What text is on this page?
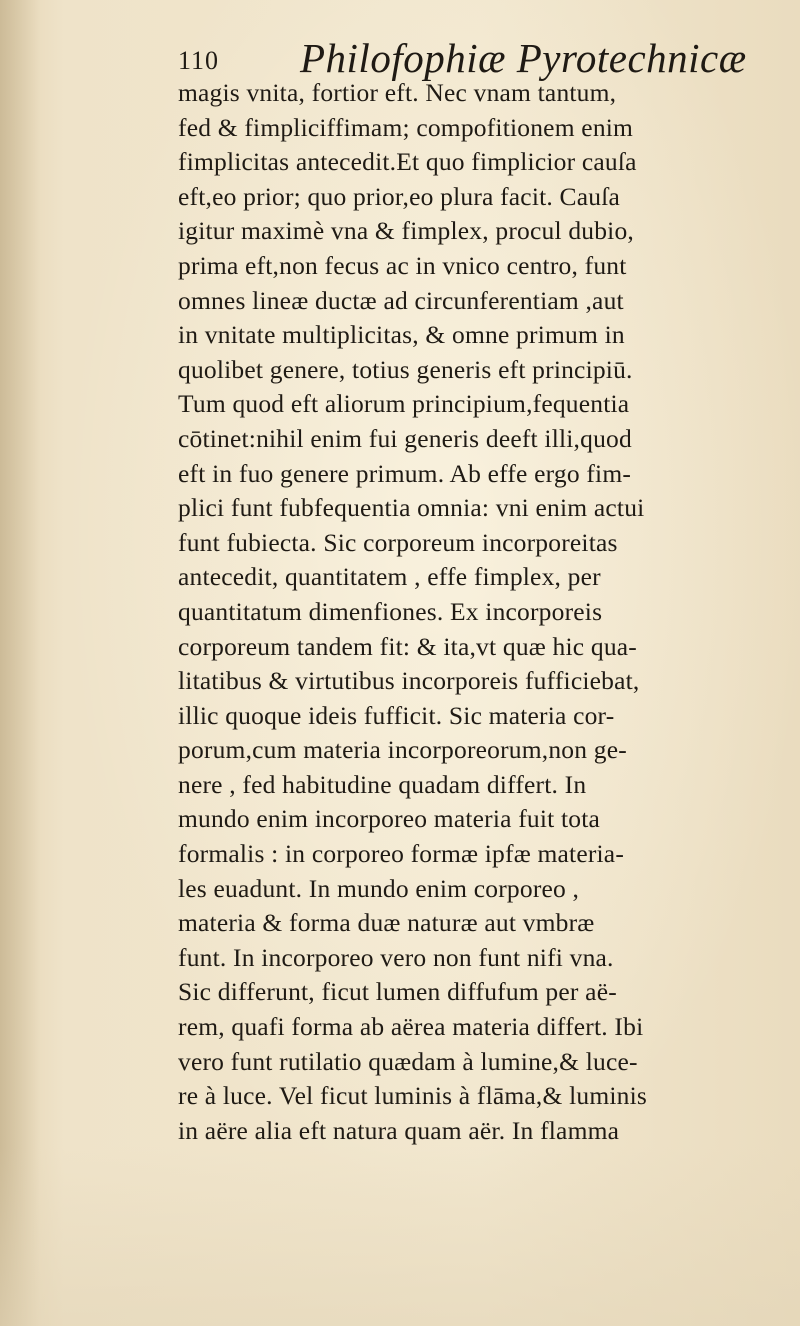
110 Philofophiæ Pyrotechnicæ
magis vnita, fortior eft. Nec vnam tantum,
fed & fimpliciffimam; compofitionem enim
fimplicitas antecedit.Et quo fimplicior cauſa
eft,eo prior; quo prior,eo plura facit. Cauſa
igitur maximè vna & fimplex, procul dubio,
prima eft,non fecus ac in vnico centro, funt
omnes lineæ ductæ ad circunferentiam ,aut
in vnitate multiplicitas, & omne primum in
quolibet genere, totius generis eft principiū.
Tum quod eft aliorum principium,fequentia
cōtinet:nihil enim fui generis deeft illi,quod
eft in fuo genere primum. Ab effe ergo fim-
plici funt fubfequentia omnia: vni enim actui
funt fubiecta. Sic corporeum incorporeitas
antecedit, quantitatem , effe fimplex, per
quantitatum dimenfiones. Ex incorporeis
corporeum tandem fit: & ita,vt quæ hic qua-
litatibus & virtutibus incorporeis fufficiebat,
illic quoque ideis fufficit. Sic materia cor-
porum,cum materia incorporeorum,non ge-
nere , fed habitudine quadam differt. In
mundo enim incorporeo materia fuit tota
formalis : in corporeo formæ ipfæ materia-
les euadunt. In mundo enim corporeo ,
materia & forma duæ naturæ aut vmbræ
funt. In incorporeo vero non funt nifi vna.
Sic differunt, ficut lumen diffufum per aë-
rem, quafi forma ab aërea materia differt. Ibi
vero funt rutilatio quædam à lumine,& luce-
re à luce. Vel ficut luminis à flāma,& luminis
in aëre alia eft natura quam aër. In flamma
